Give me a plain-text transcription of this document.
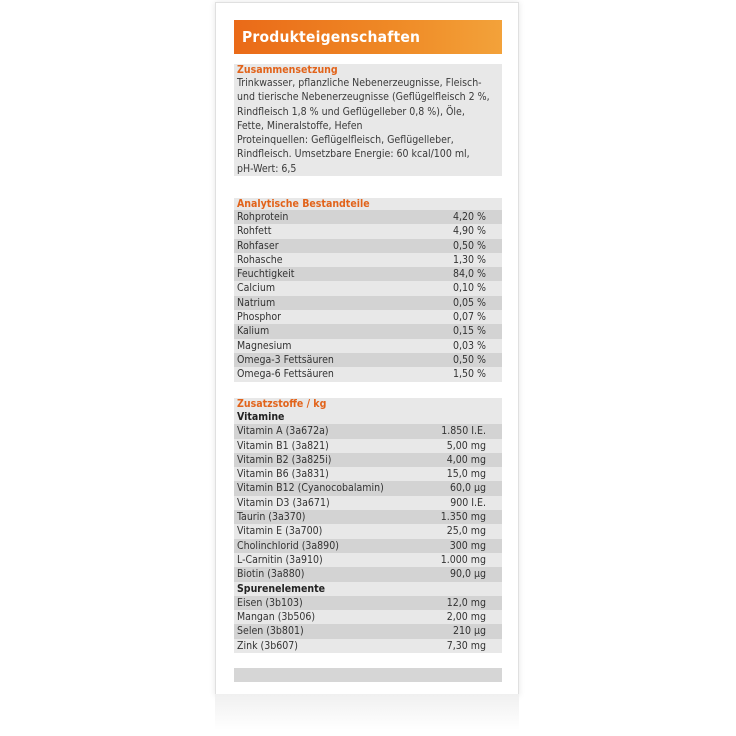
Produkteigenschaften
Zusammensetzung
Trinkwasser, pflanzliche Nebenerzeugnisse, Fleisch-
und tierische Nebenerzeugnisse (Geflügelfleisch 2 %,
Rindfleisch 1,8 % und Geflügelleber 0,8 %), Öle,
Fette, Mineralstoffe, Hefen
Proteinquellen: Geflügelfleisch, Geflügelleber,
Rindfleisch. Umsetzbare Energie: 60 kcal/100 ml,
pH-Wert: 6,5
Analytische Bestandteile
Rohprotein	4,20 %
Rohfett	4,90 %
Rohfaser	0,50 %
Rohasche	1,30 %
Feuchtigkeit	84,0 %
Calcium	0,10 %
Natrium	0,05 %
Phosphor	0,07 %
Kalium	0,15 %
Magnesium	0,03 %
Omega-3 Fettsäuren	0,50 %
Omega-6 Fettsäuren	1,50 %
Zusatzstoffe / kg
Vitamine
Vitamin A (3a672a)	1.850 I.E.
Vitamin B1 (3a821)	5,00 mg
Vitamin B2 (3a825i)	4,00 mg
Vitamin B6 (3a831)	15,0 mg
Vitamin B12 (Cyanocobalamin)	60,0 µg
Vitamin D3 (3a671)	900 I.E.
Taurin (3a370)	1.350 mg
Vitamin E (3a700)	25,0 mg
Cholinchlorid (3a890)	300 mg
L-Carnitin (3a910)	1.000 mg
Biotin (3a880)	90,0 µg
Spurenelemente
Eisen (3b103)	12,0 mg
Mangan (3b506)	2,00 mg
Selen (3b801)	210 µg
Zink (3b607)	7,30 mg
